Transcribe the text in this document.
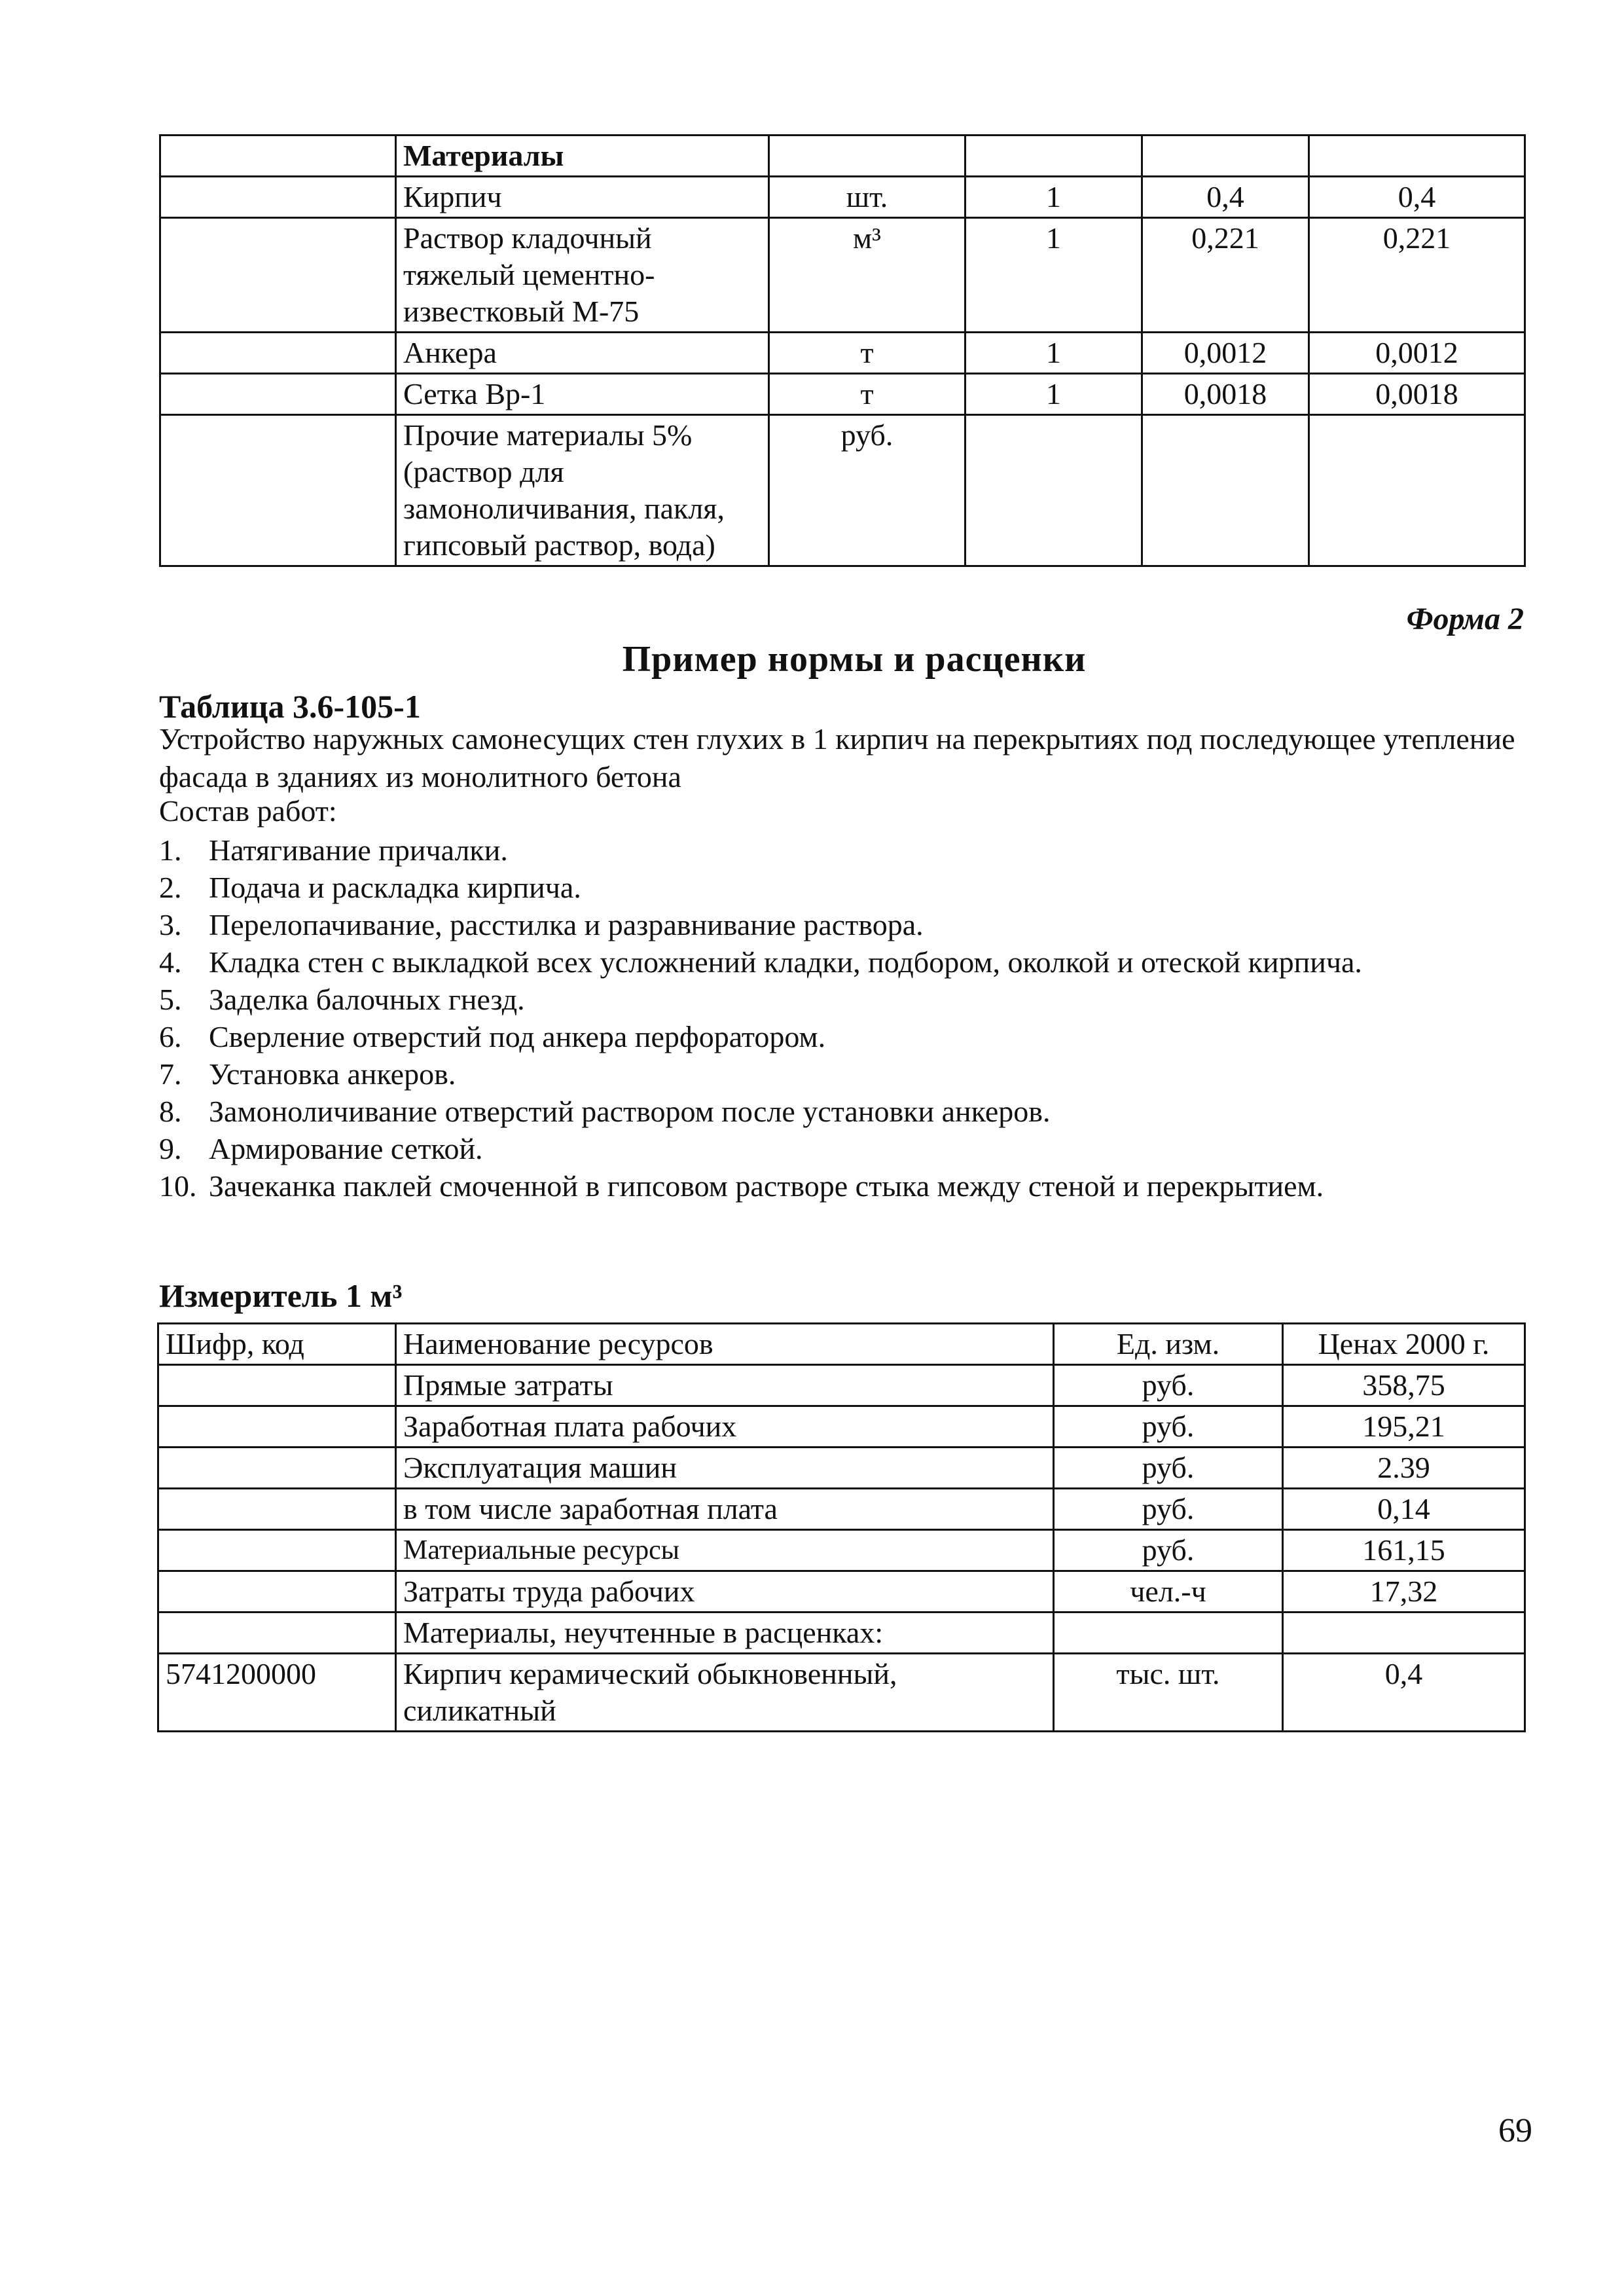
	Материалы				
	Кирпич	шт.	1	0,4	0,4
	Раствор кладочный тяжелый цементно-известковый М-75	м³	1	0,221	0,221
	Анкера	т	1	0,0012	0,0012
	Сетка Вр-1	т	1	0,0018	0,0018
	Прочие материалы 5% (раствор для замоноличивания, пакля, гипсовый раствор, вода)	руб.			
Форма 2
Пример нормы и расценки
Таблица 3.6-105-1
Устройство наружных самонесущих стен глухих в 1 кирпич на перекрытиях под последующее утепление фасада в зданиях из монолитного бетона
Состав работ:
1. Натягивание причалки.
2. Подача и раскладка кирпича.
3. Перелопачивание, расстилка и разравнивание раствора.
4. Кладка стен с выкладкой всех усложнений кладки, подбором, околкой и отеской кирпича.
5. Заделка балочных гнезд.
6. Сверление отверстий под анкера перфоратором.
7. Установка анкеров.
8. Замоноличивание отверстий раствором после установки анкеров.
9. Армирование сеткой.
10. Зачеканка паклей смоченной в гипсовом растворе стыка между стеной и перекрытием.
Измеритель 1 м³
Шифр, код	Наименование ресурсов	Ед. изм.	Ценах 2000 г.
	Прямые затраты	руб.	358,75
	Заработная плата рабочих	руб.	195,21
	Эксплуатация машин	руб.	2.39
	в том числе заработная плата	руб.	0,14
	Материальные ресурсы	руб.	161,15
	Затраты труда рабочих	чел.-ч	17,32
	Материалы, неучтенные в расценках:		
5741200000	Кирпич керамический обыкновенный, силикатный	тыс. шт.	0,4
69
